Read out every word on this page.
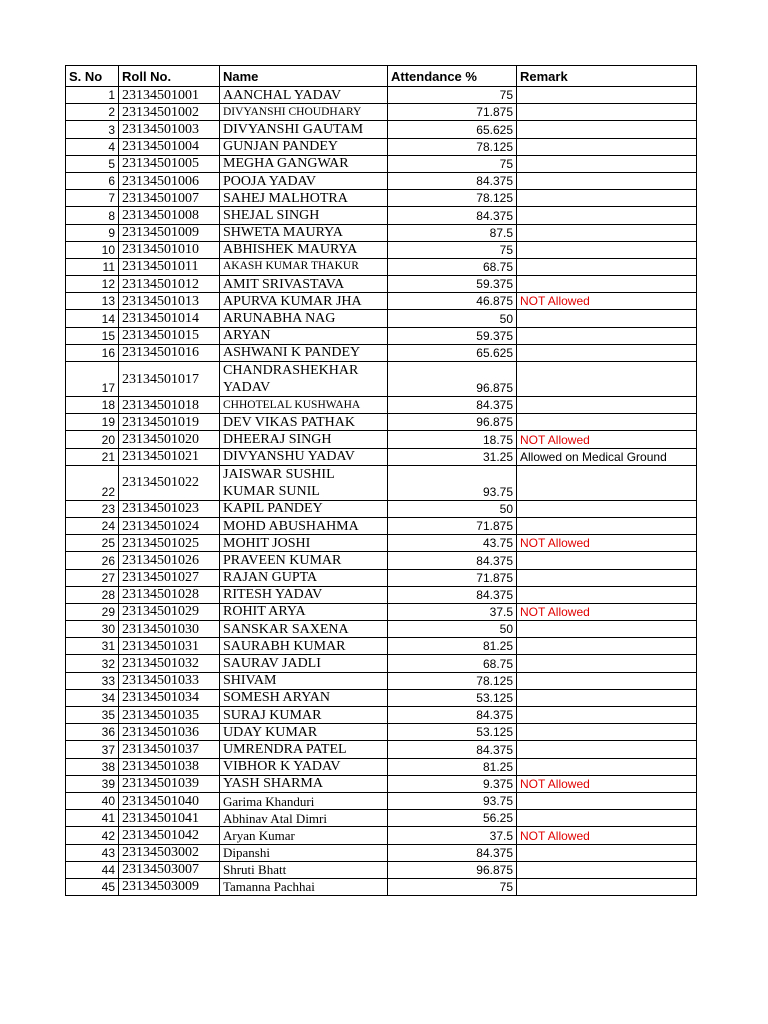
S. No	Roll No.	Name	Attendance %	Remark
1	23134501001	AANCHAL YADAV	75	
2	23134501002	DIVYANSHI CHOUDHARY	71.875	
3	23134501003	DIVYANSHI GAUTAM	65.625	
4	23134501004	GUNJAN PANDEY	78.125	
5	23134501005	MEGHA GANGWAR	75	
6	23134501006	POOJA YADAV	84.375	
7	23134501007	SAHEJ MALHOTRA	78.125	
8	23134501008	SHEJAL SINGH	84.375	
9	23134501009	SHWETA MAURYA	87.5	
10	23134501010	ABHISHEK MAURYA	75	
11	23134501011	AKASH KUMAR THAKUR	68.75	
12	23134501012	AMIT SRIVASTAVA	59.375	
13	23134501013	APURVA KUMAR JHA	46.875	NOT Allowed
14	23134501014	ARUNABHA NAG	50	
15	23134501015	ARYAN	59.375	
16	23134501016	ASHWANI K PANDEY	65.625	
17	23134501017	CHANDRASHEKHAR YADAV	96.875	
18	23134501018	CHHOTELAL KUSHWAHA	84.375	
19	23134501019	DEV VIKAS PATHAK	96.875	
20	23134501020	DHEERAJ SINGH	18.75	NOT Allowed
21	23134501021	DIVYANSHU YADAV	31.25	Allowed on Medical Ground
22	23134501022	JAISWAR SUSHIL KUMAR SUNIL	93.75	
23	23134501023	KAPIL PANDEY	50	
24	23134501024	MOHD ABUSHAHMA	71.875	
25	23134501025	MOHIT JOSHI	43.75	NOT Allowed
26	23134501026	PRAVEEN KUMAR	84.375	
27	23134501027	RAJAN GUPTA	71.875	
28	23134501028	RITESH YADAV	84.375	
29	23134501029	ROHIT ARYA	37.5	NOT Allowed
30	23134501030	SANSKAR SAXENA	50	
31	23134501031	SAURABH KUMAR	81.25	
32	23134501032	SAURAV JADLI	68.75	
33	23134501033	SHIVAM	78.125	
34	23134501034	SOMESH ARYAN	53.125	
35	23134501035	SURAJ KUMAR	84.375	
36	23134501036	UDAY KUMAR	53.125	
37	23134501037	UMRENDRA PATEL	84.375	
38	23134501038	VIBHOR K YADAV	81.25	
39	23134501039	YASH SHARMA	9.375	NOT Allowed
40	23134501040	Garima Khanduri	93.75	
41	23134501041	Abhinav Atal Dimri	56.25	
42	23134501042	Aryan Kumar	37.5	NOT Allowed
43	23134503002	Dipanshi	84.375	
44	23134503007	Shruti Bhatt	96.875	
45	23134503009	Tamanna Pachhai	75	
